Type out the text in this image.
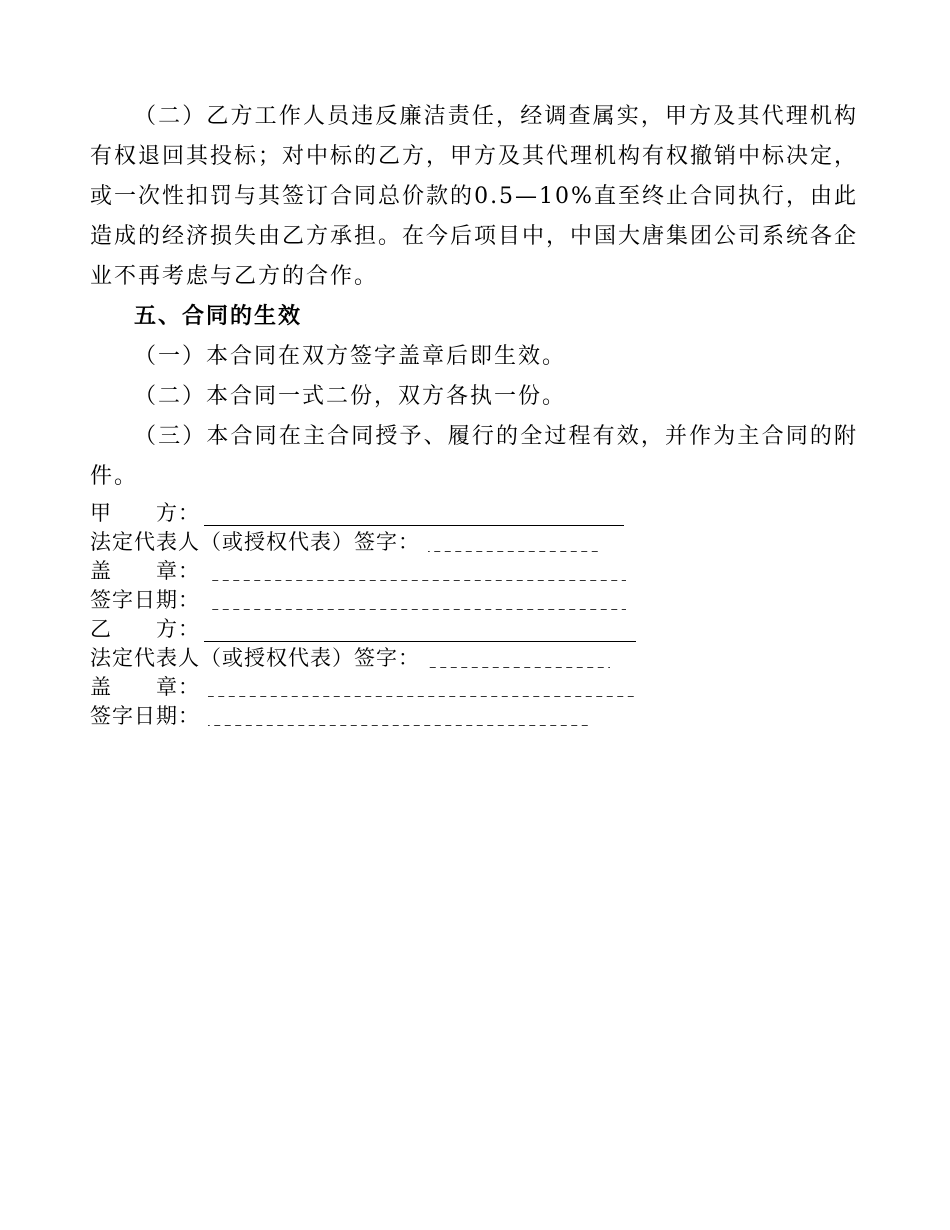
（二）乙方工作人员违反廉洁责任，经调查属实，甲方及其代理机构有权退回其投标；对中标的乙方，甲方及其代理机构有权撤销中标决定，或一次性扣罚与其签订合同总价款的0.5—10%直至终止合同执行，由此造成的经济损失由乙方承担。在今后项目中，中国大唐集团公司系统各企业不再考虑与乙方的合作。

五、合同的生效

（一）本合同在双方签字盖章后即生效。

（二）本合同一式二份，双方各执一份。

（三）本合同在主合同授予、履行的全过程有效，并作为主合同的附件。

甲　　方：
法定代表人（或授权代表）签字：
盖　　章：
签字日期：
乙　　方：
法定代表人（或授权代表）签字：
盖　　章：
签字日期：
